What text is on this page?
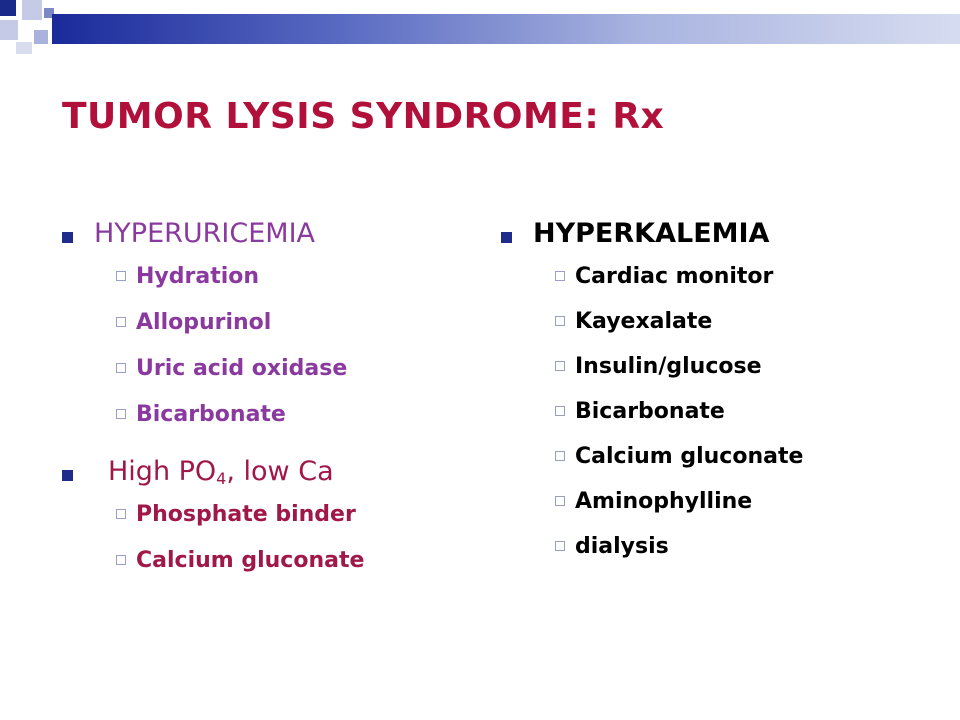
TUMOR LYSIS SYNDROME: Rx
HYPERURICEMIA
Hydration
Allopurinol
Uric acid oxidase
Bicarbonate
High $PO_4$, low Ca
Phosphate binder
Calcium gluconate
HYPERKALEMIA
Cardiac monitor
Kayexalate
Insulin/glucose
Bicarbonate
Calcium gluconate
Aminophylline
dialysis
